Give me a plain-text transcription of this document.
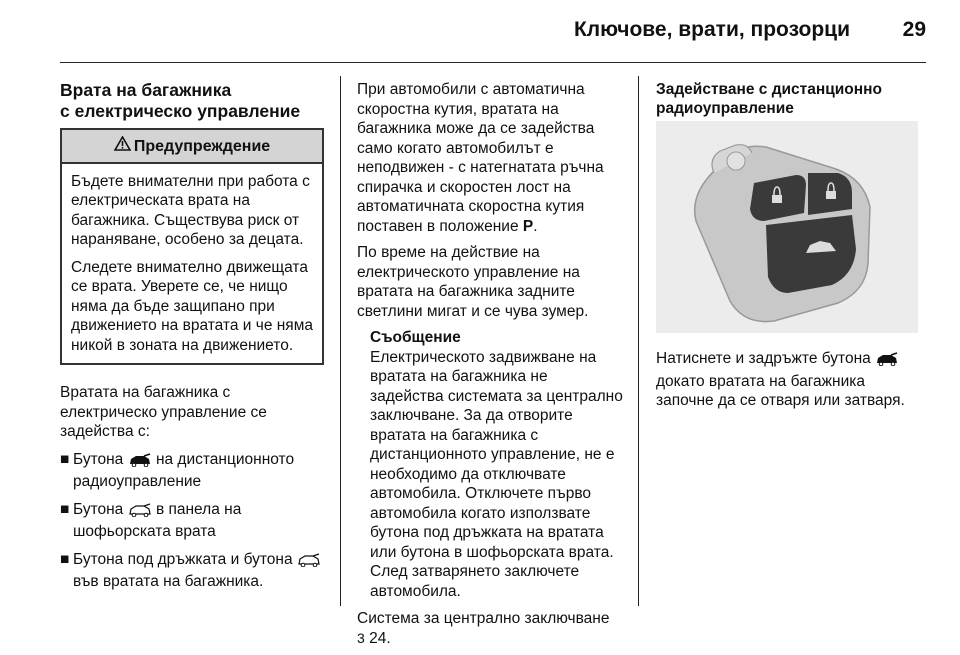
Ключове, врати, прозорци	29
Врата на багажника
с електрическо управление
Предупреждение

Бъдете внимателни при работа с електрическата врата на багажника. Съществува риск от нараняване, особено за децата.

Следете внимателно движещата се врата. Уверете се, че нищо няма да бъде защипано при движението на вратата и че няма никой в зоната на движението.

Вратата на багажника с електрическо управление се задейства с:

■ Бутона на дистанционното радиоуправление
■ Бутона в панела на шофьорската врата
■ Бутона под дръжката и бутона  във вратата на багажника.

При автомобили с автоматична скоростна кутия, вратата на багажника може да се задейства само когато автомобилът е неподвижен - с натегнатата ръчна спирачка и скоростен лост на автоматичната скоростна кутия поставен в положение P.

По време на действие на електрическото управление на вратата на багажника задните светлини мигат и се чува зумер.

Съобщение
Електрическото задвижване на вратата на багажника не задейства системата за централно заключване. За да отворите вратата на багажника с дистанционното управление, не е необходимо да отключвате автомобила. Отключете първо автомобила когато използвате бутона под дръжката на вратата или бутона в шофьорската врата. След затварянето заключете автомобила.

Система за централно заключване
3 24.

Задействане с дистанционно
радиоуправление

Натиснете и задръжте бутона  докато вратата на багажника започне да се отваря или затваря.
